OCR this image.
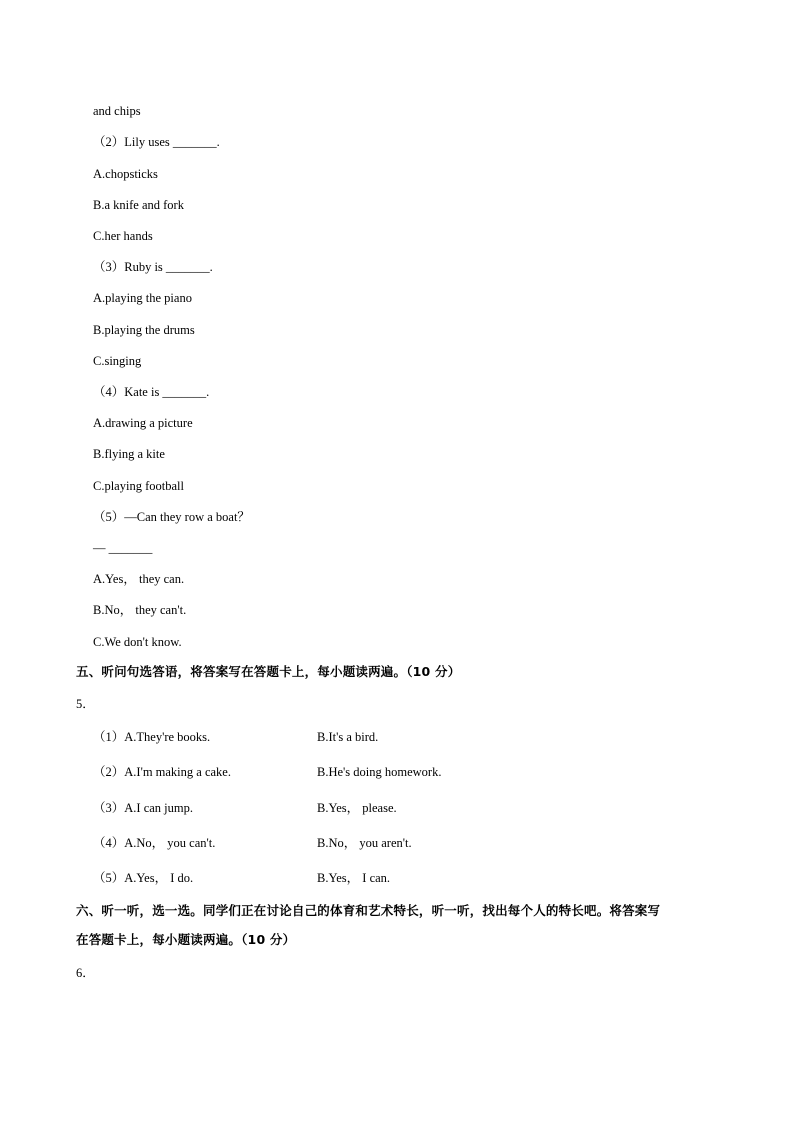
and chips
（2）Lily uses _______.
A.chopsticks
B.a knife and fork
C.her hands
（3）Ruby is _______.
A.playing the piano
B.playing the drums
C.singing
（4）Kate is _______.
A.drawing a picture
B.flying a kite
C.playing football
（5）—Can they row a boat？
— _______
A.Yes， they can.
B.No， they can't.
C.We don't know.
五、听问句选答语，将答案写在答题卡上，每小题读两遍。（10 分）
5．
（1）A.They're books.	B.It's a bird.
（2）A.I'm making a cake.	B.He's doing homework.
（3）A.I can jump.	B.Yes， please.
（4）A.No， you can't.	B.No， you aren't.
（5）A.Yes， I do.	B.Yes， I can.
六、听一听，选一选。同学们正在讨论自己的体育和艺术特长，听一听，找出每个人的特长吧。将答案写
在答题卡上，每小题读两遍。（10 分）
6．
